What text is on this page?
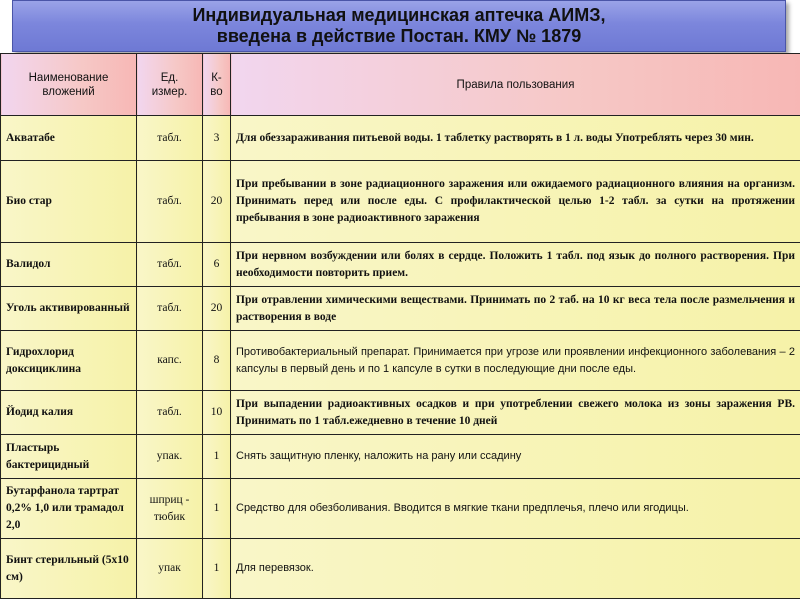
Индивидуальная медицинская аптечка АИМЗ,
введена в действие Постан. КМУ № 1879
Наименование вложений	Ед. измер.	К-во	Правила пользования
Акватабе	табл.	3	Для обеззараживания питьевой воды. 1 таблетку растворять в 1 л. воды Употреблять через 30 мин.
Био стар	табл.	20	При пребывании в зоне радиационного заражения или ожидаемого радиационного влияния на организм. Принимать перед или после еды. С профилактической целью 1-2 табл. за сутки на протяжении пребывания в зоне радиоактивного заражения
Валидол	табл.	6	При нервном возбуждении или болях в сердце. Положить 1 табл. под язык до полного растворения. При необходимости повторить прием.
Уголь активированный	табл.	20	При отравлении химическими веществами. Принимать по 2 таб. на 10 кг веса тела после размельчения и растворения в воде
Гидрохлорид доксициклина	капс.	8	Противобактериальный препарат. Принимается при угрозе или проявлении инфекционного заболевания – 2 капсулы в первый день и по 1 капсуле в сутки в последующие дни после еды.
Йодид калия	табл.	10	При выпадении радиоактивных осадков и при употреблении свежего молока из зоны заражения РВ. Принимать по 1 табл.ежедневно в течение 10 дней
Пластырь бактерицидный	упак.	1	Снять защитную пленку, наложить на рану или ссадину
Бутарфанола тартрат 0,2% 1,0 или трамадол 2,0	шприц - тюбик	1	Средство для обезболивания. Вводится в мягкие ткани предплечья, плечо или ягодицы.
Бинт стерильный (5х10 см)	упак	1	Для перевязок.
